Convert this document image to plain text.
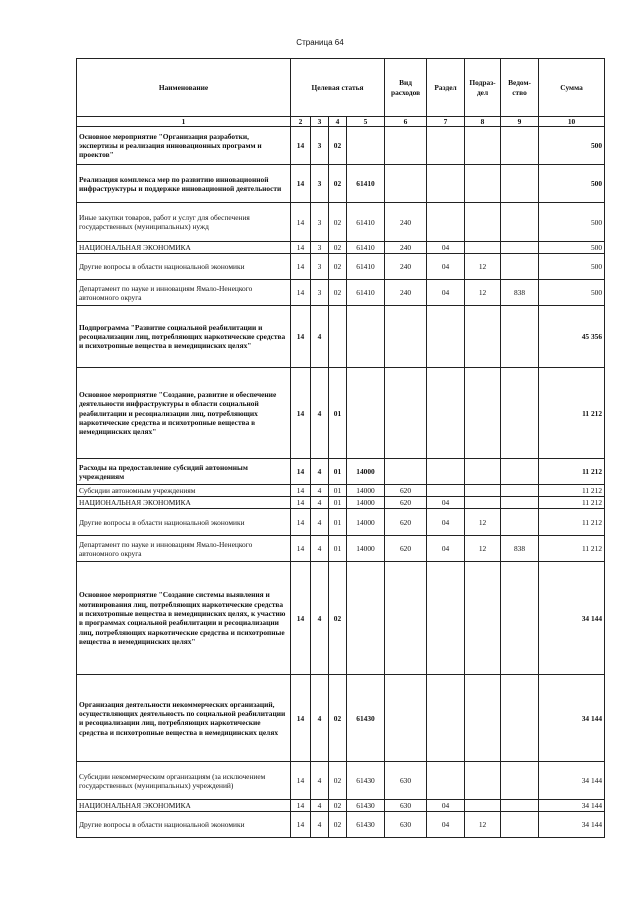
Страница 64
Наименование	Целевая статья				Вид расходов	Раздел	Подраз-дел	Ведом-ство	Сумма
1	2	3	4	5	6	7	8	9	10
Основное мероприятие "Организация разработки, экспертизы и реализация инновационных программ и проектов"	14	3	02						500
Реализация комплекса мер по развитию инновационной инфраструктуры и поддержке инновационной деятельности	14	3	02	61410					500
Иные закупки товаров, работ и услуг для обеспечения государственных (муниципальных) нужд	14	3	02	61410	240				500
НАЦИОНАЛЬНАЯ ЭКОНОМИКА	14	3	02	61410	240	04			500
Другие вопросы в области национальной экономики	14	3	02	61410	240	04	12		500
Департамент по науке и инновациям Ямало-Ненецкого автономного округа	14	3	02	61410	240	04	12	838	500
Подпрограмма "Развитие социальной реабилитации и ресоциализации лиц, потребляющих наркотические средства и психотропные вещества в немедицинских целях"	14	4							45 356
Основное мероприятие "Создание, развитие и обеспечение деятельности инфраструктуры в области социальной реабилитации и ресоциализации лиц, потребляющих наркотические средства и психотропные вещества в немедицинских целях"	14	4	01						11 212
Расходы на предоставление субсидий автономным учреждениям	14	4	01	14000					11 212
Субсидии автономным учреждениям	14	4	01	14000	620				11 212
НАЦИОНАЛЬНАЯ ЭКОНОМИКА	14	4	01	14000	620	04			11 212
Другие вопросы в области национальной экономики	14	4	01	14000	620	04	12		11 212
Департамент по науке и инновациям Ямало-Ненецкого автономного округа	14	4	01	14000	620	04	12	838	11 212
Основное мероприятие "Создание системы выявления и мотивирования лиц, потребляющих наркотические средства и психотропные вещества в немедицинских целях, к участию в программах социальной реабилитации и ресоциализации лиц, потребляющих наркотические средства и психотропные вещества в немедицинских целях"	14	4	02						34 144
Организация деятельности некоммерческих организаций, осуществляющих деятельность по социальной реабилитации и ресоциализации лиц, потребляющих наркотические средства и психотропные вещества в немедицинских целях	14	4	02	61430					34 144
Субсидии некоммерческим организациям (за исключением государственных (муниципальных) учреждений)	14	4	02	61430	630				34 144
НАЦИОНАЛЬНАЯ ЭКОНОМИКА	14	4	02	61430	630	04			34 144
Другие вопросы в области национальной экономики	14	4	02	61430	630	04	12		34 144
